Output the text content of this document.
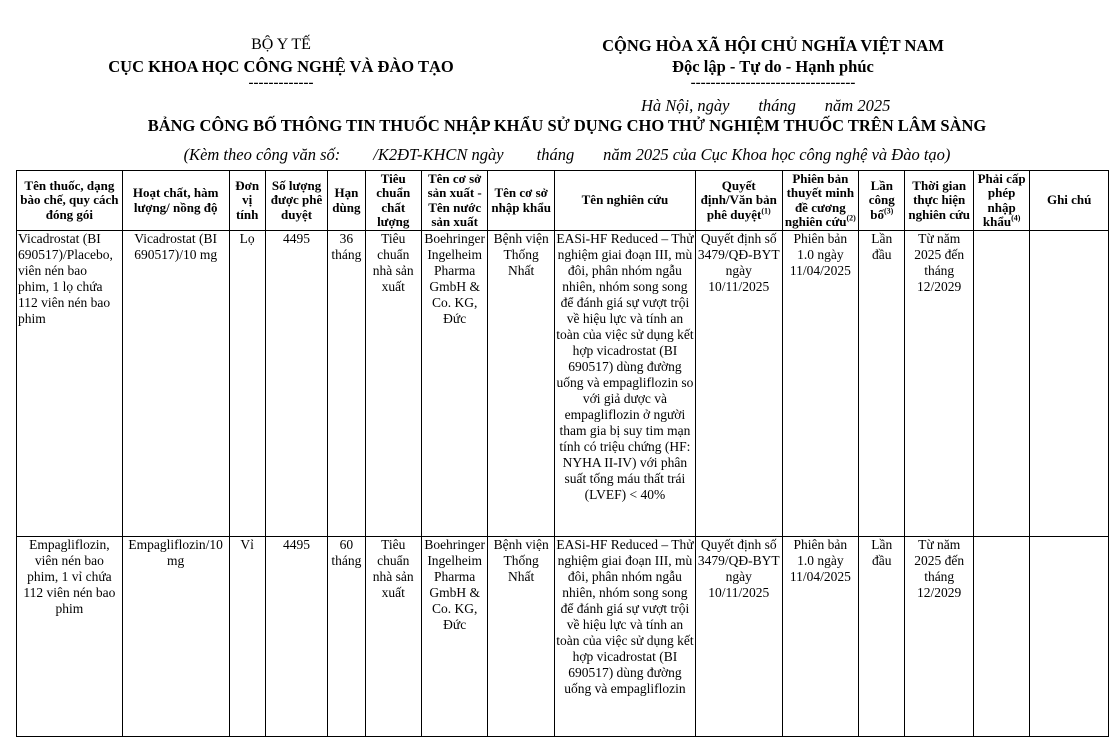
BỘ Y TẾ
CỤC KHOA HỌC CÔNG NGHỆ VÀ ĐÀO TẠO
-------------
CỘNG HÒA XÃ HỘI CHỦ NGHĨA VIỆT NAM
Độc lập - Tự do - Hạnh phúc
---------------------------------
Hà Nội, ngày       tháng       năm 2025
BẢNG CÔNG BỐ THÔNG TIN THUỐC NHẬP KHẨU SỬ DỤNG CHO THỬ NGHIỆM THUỐC TRÊN LÂM SÀNG
(Kèm theo công văn số:        /K2ĐT-KHCN ngày        tháng       năm 2025 của Cục Khoa học công nghệ và Đào tạo)
Tên thuốc, dạng bào chế, quy cách đóng gói	Hoạt chất, hàm lượng/ nồng độ	Đơn vị tính	Số lượng được phê duyệt	Hạn dùng	Tiêu chuẩn chất lượng	Tên cơ sở sản xuất - Tên nước sản xuất	Tên cơ sở nhập khẩu	Tên nghiên cứu	Quyết định/Văn bản phê duyệt$^{(1)}$	Phiên bản thuyết minh đề cương nghiên cứu$^{(2)}$	Lần công bố$^{(3)}$	Thời gian thực hiện nghiên cứu	Phải cấp phép nhập khẩu$^{(4)}$	Ghi chú
Vicadrostat (BI 690517)/Placebo, viên nén bao phim, 1 lọ chứa 112 viên nén bao phim	Vicadrostat (BI 690517)/10 mg	Lọ	4495	36 tháng	Tiêu chuẩn nhà sản xuất	Boehringer Ingelheim Pharma GmbH & Co. KG, Đức	Bệnh viện Thống Nhất	EASi-HF Reduced – Thử nghiệm giai đoạn III, mù đôi, phân nhóm ngẫu nhiên, nhóm song song để đánh giá sự vượt trội về hiệu lực và tính an toàn của việc sử dụng kết hợp vicadrostat (BI 690517) dùng đường uống và empagliflozin so với giả dược và empagliflozin ở người tham gia bị suy tim mạn tính có triệu chứng (HF: NYHA II-IV) với phân suất tống máu thất trái (LVEF) < 40%	Quyết định số 3479/QĐ-BYT ngày 10/11/2025	Phiên bản 1.0 ngày 11/04/2025	Lần đầu	Từ năm 2025 đến tháng 12/2029		
Empagliflozin, viên nén bao phim, 1 vỉ chứa 112 viên nén bao phim	Empagliflozin/10 mg	Vỉ	4495	60 tháng	Tiêu chuẩn nhà sản xuất	Boehringer Ingelheim Pharma GmbH & Co. KG, Đức	Bệnh viện Thống Nhất	EASi-HF Reduced – Thử nghiệm giai đoạn III, mù đôi, phân nhóm ngẫu nhiên, nhóm song song để đánh giá sự vượt trội về hiệu lực và tính an toàn của việc sử dụng kết hợp vicadrostat (BI 690517) dùng đường uống và empagliflozin	Quyết định số 3479/QĐ-BYT ngày 10/11/2025	Phiên bản 1.0 ngày 11/04/2025	Lần đầu	Từ năm 2025 đến tháng 12/2029		
